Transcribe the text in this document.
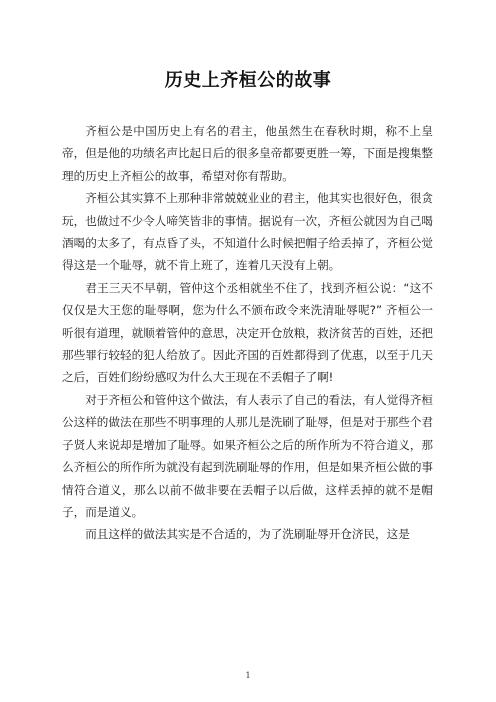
历史上齐桓公的故事

齐桓公是中国历史上有名的君主，他虽然生在春秋时期，称不上皇帝，但是他的功绩名声比起日后的很多皇帝都要更胜一筹，下面是搜集整理的历史上齐桓公的故事，希望对你有帮助。

齐桓公其实算不上那种非常兢兢业业的君主，他其实也很好色，很贪玩，也做过不少令人啼笑皆非的事情。据说有一次，齐桓公就因为自己喝酒喝的太多了，有点昏了头，不知道什么时候把帽子给丢掉了，齐桓公觉得这是一个耻辱，就不肯上班了，连着几天没有上朝。

君王三天不早朝，管仲这个丞相就坐不住了，找到齐桓公说：“这不仅仅是大王您的耻辱啊，您为什么不颁布政令来洗清耻辱呢?” 齐桓公一听很有道理，就顺着管仲的意思，决定开仓放粮，救济贫苦的百姓，还把那些罪行较轻的犯人给放了。因此齐国的百姓都得到了优惠，以至于几天之后，百姓们纷纷感叹为什么大王现在不丢帽子了啊!

对于齐桓公和管仲这个做法，有人表示了自己的看法，有人觉得齐桓公这样的做法在那些不明事理的人那儿是洗刷了耻辱，但是对于那些个君子贤人来说却是增加了耻辱。如果齐桓公之后的所作所为不符合道义，那么齐桓公的所作所为就没有起到洗刷耻辱的作用，但是如果齐桓公做的事情符合道义，那么以前不做非要在丢帽子以后做，这样丢掉的就不是帽子，而是道义。

而且这样的做法其实是不合适的，为了洗刷耻辱开仓济民，这是

1
